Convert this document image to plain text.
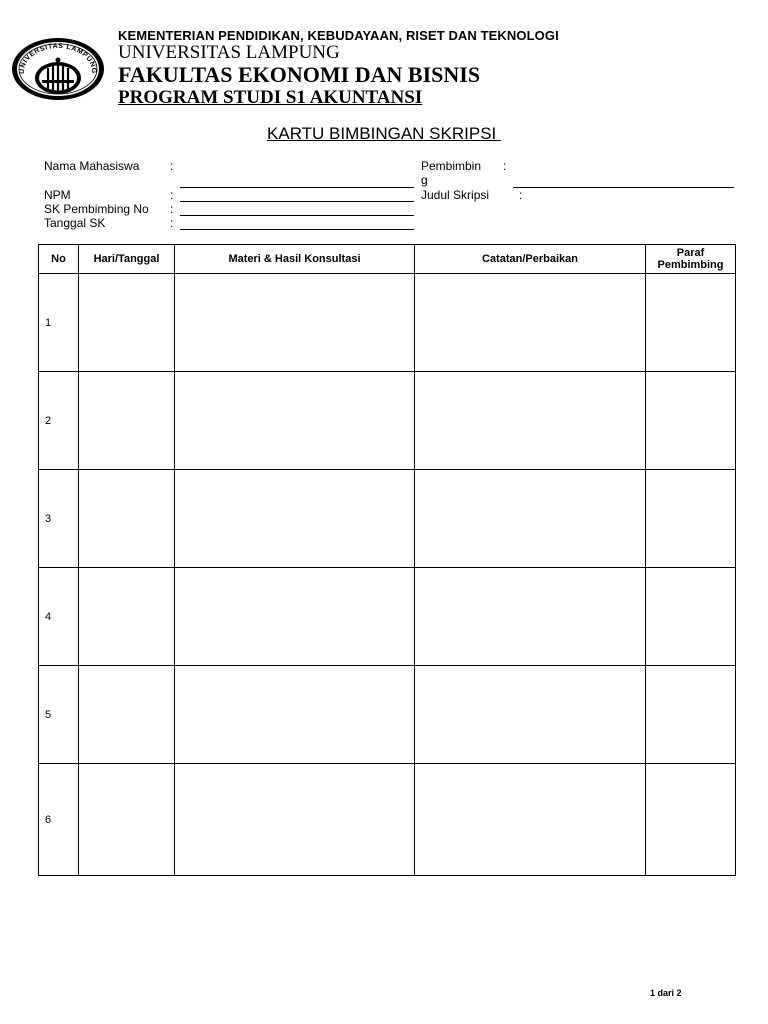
UNIVERSITAS LAMPUNG
KEMENTERIAN PENDIDIKAN, KEBUDAYAAN, RISET DAN TEKNOLOGI
UNIVERSITAS LAMPUNG
FAKULTAS EKONOMI DAN BISNIS
PROGRAM STUDI S1 AKUNTANSI
KARTU BIMBINGAN SKRIPSI
Nama Mahasiswa	:
NPM	:
SK Pembimbing No :
Tanggal SK	:
Pembimbin
g
:
Judul Skripsi :
No	Hari/Tanggal	Materi & Hasil Konsultasi	Catatan/Perbaikan	Paraf
Pembimbing
1				
2				
3				
4				
5				
6				
1 dari 2
